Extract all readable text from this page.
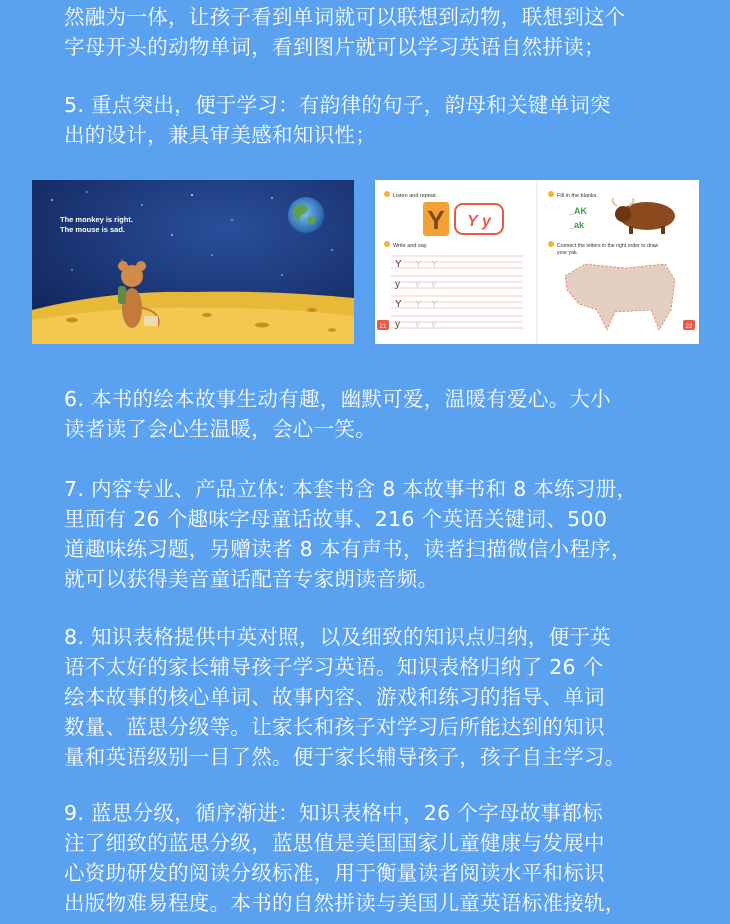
然融为一体，让孩子看到单词就可以联想到动物，联想到这个
字母开头的动物单词，看到图片就可以学习英语自然拼读；

5. 重点突出，便于学习：有韵律的句子，韵母和关键单词突
出的设计，兼具审美感和知识性；

The monkey is right.
The mouse is sad.
Listen and repeat.
Y Y y
Write and say.
Y
y
Y
y
Y Y
y y
Y Y
y y
21
Fill in the blanks.
_AK
_ak
Connect the letters in the right order to draw
your yak.
22

6. 本书的绘本故事生动有趣，幽默可爱，温暖有爱心。大小
读者读了会心生温暖，会心一笑。

7. 内容专业、产品立体: 本套书含 8 本故事书和 8 本练习册，
里面有 26 个趣味字母童话故事、216 个英语关键词、500
道趣味练习题，另赠读者 8 本有声书，读者扫描微信小程序，
就可以获得美音童话配音专家朗读音频。

8. 知识表格提供中英对照，以及细致的知识点归纳，便于英
语不太好的家长辅导孩子学习英语。知识表格归纳了 26 个
绘本故事的核心单词、故事内容、游戏和练习的指导、单词
数量、蓝思分级等。让家长和孩子对学习后所能达到的知识
量和英语级别一目了然。便于家长辅导孩子，孩子自主学习。

9. 蓝思分级，循序渐进：知识表格中，26 个字母故事都标
注了细致的蓝思分级，蓝思值是美国国家儿童健康与发展中
心资助研发的阅读分级标准，用于衡量读者阅读水平和标识
出版物难易程度。本书的自然拼读与美国儿童英语标准接轨，
